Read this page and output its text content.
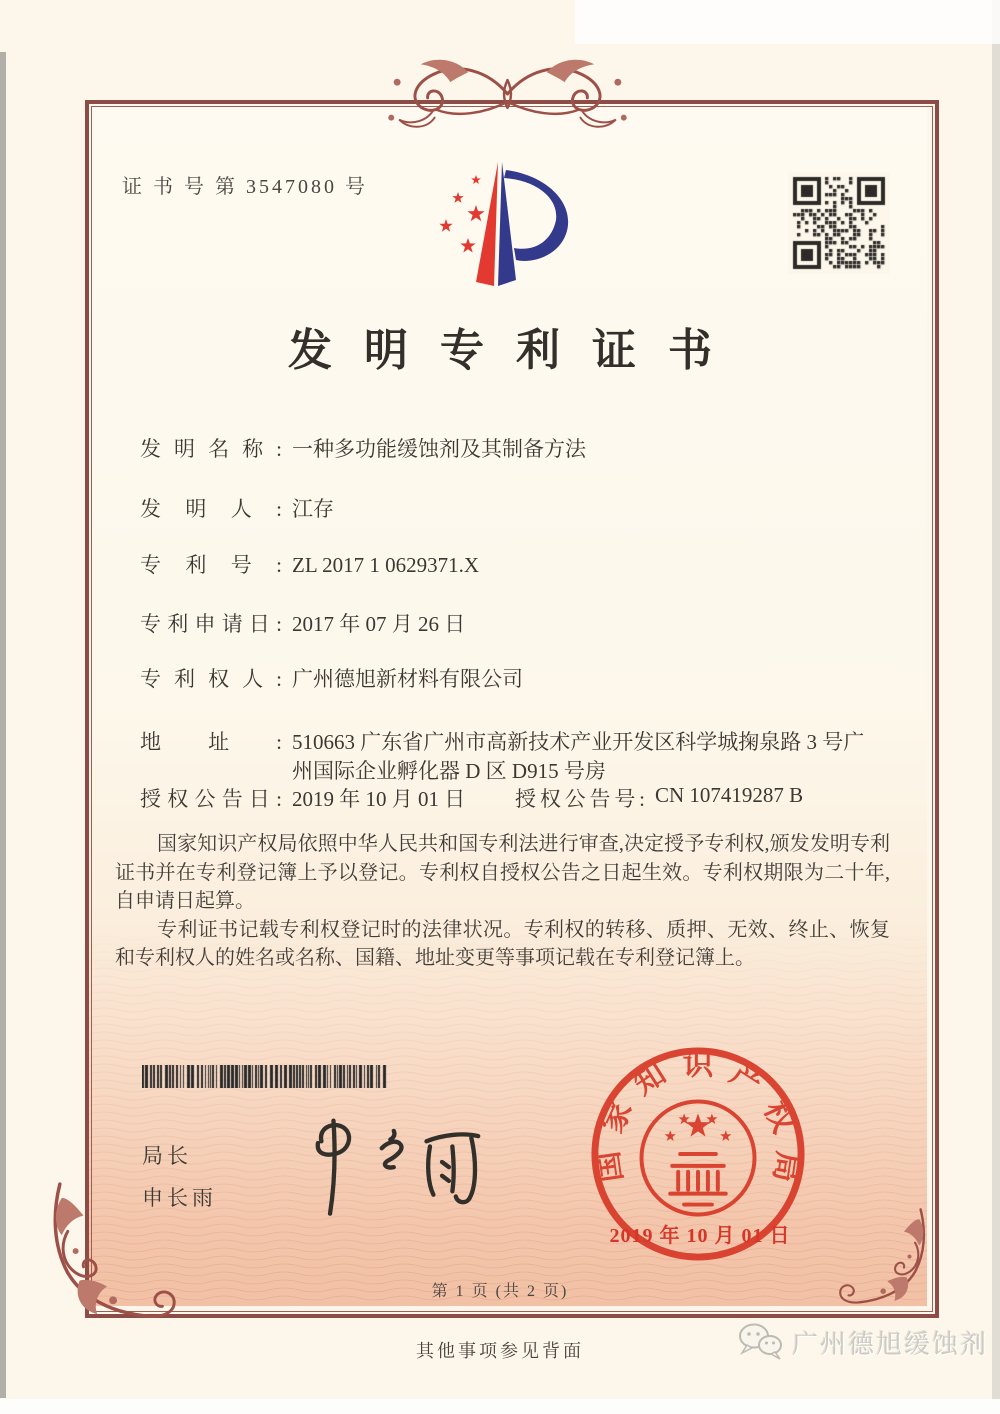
证 书 号 第 3547080 号
发明专利证书
发明名称: 一种多功能缓蚀剂及其制备方法
发明人: 江存
专利号: ZL 2017 1 0629371.X
专利申请日: 2017 年 07 月 26 日
专利权人: 广州德旭新材料有限公司
地址: 510663 广东省广州市高新技术产业开发区科学城掬泉路 3 号广州国际企业孵化器 D 区 D915 号房
授权公告日: 2019 年 10 月 01 日 授权公告号: CN 107419287 B

国家知识产权局依照中华人民共和国专利法进行审查,决定授予专利权,颁发发明专利证书并在专利登记簿上予以登记。专利权自授权公告之日起生效。专利权期限为二十年,自申请日起算。

专利证书记载专利权登记时的法律状况。专利权的转移、质押、无效、终止、恢复和专利权人的姓名或名称、国籍、地址变更等事项记载在专利登记簿上。

局长
申长雨
国家知识产权局
2019 年 10 月 01 日
第 1 页 (共 2 页)
其他事项参见背面	广州德旭缓蚀剂
